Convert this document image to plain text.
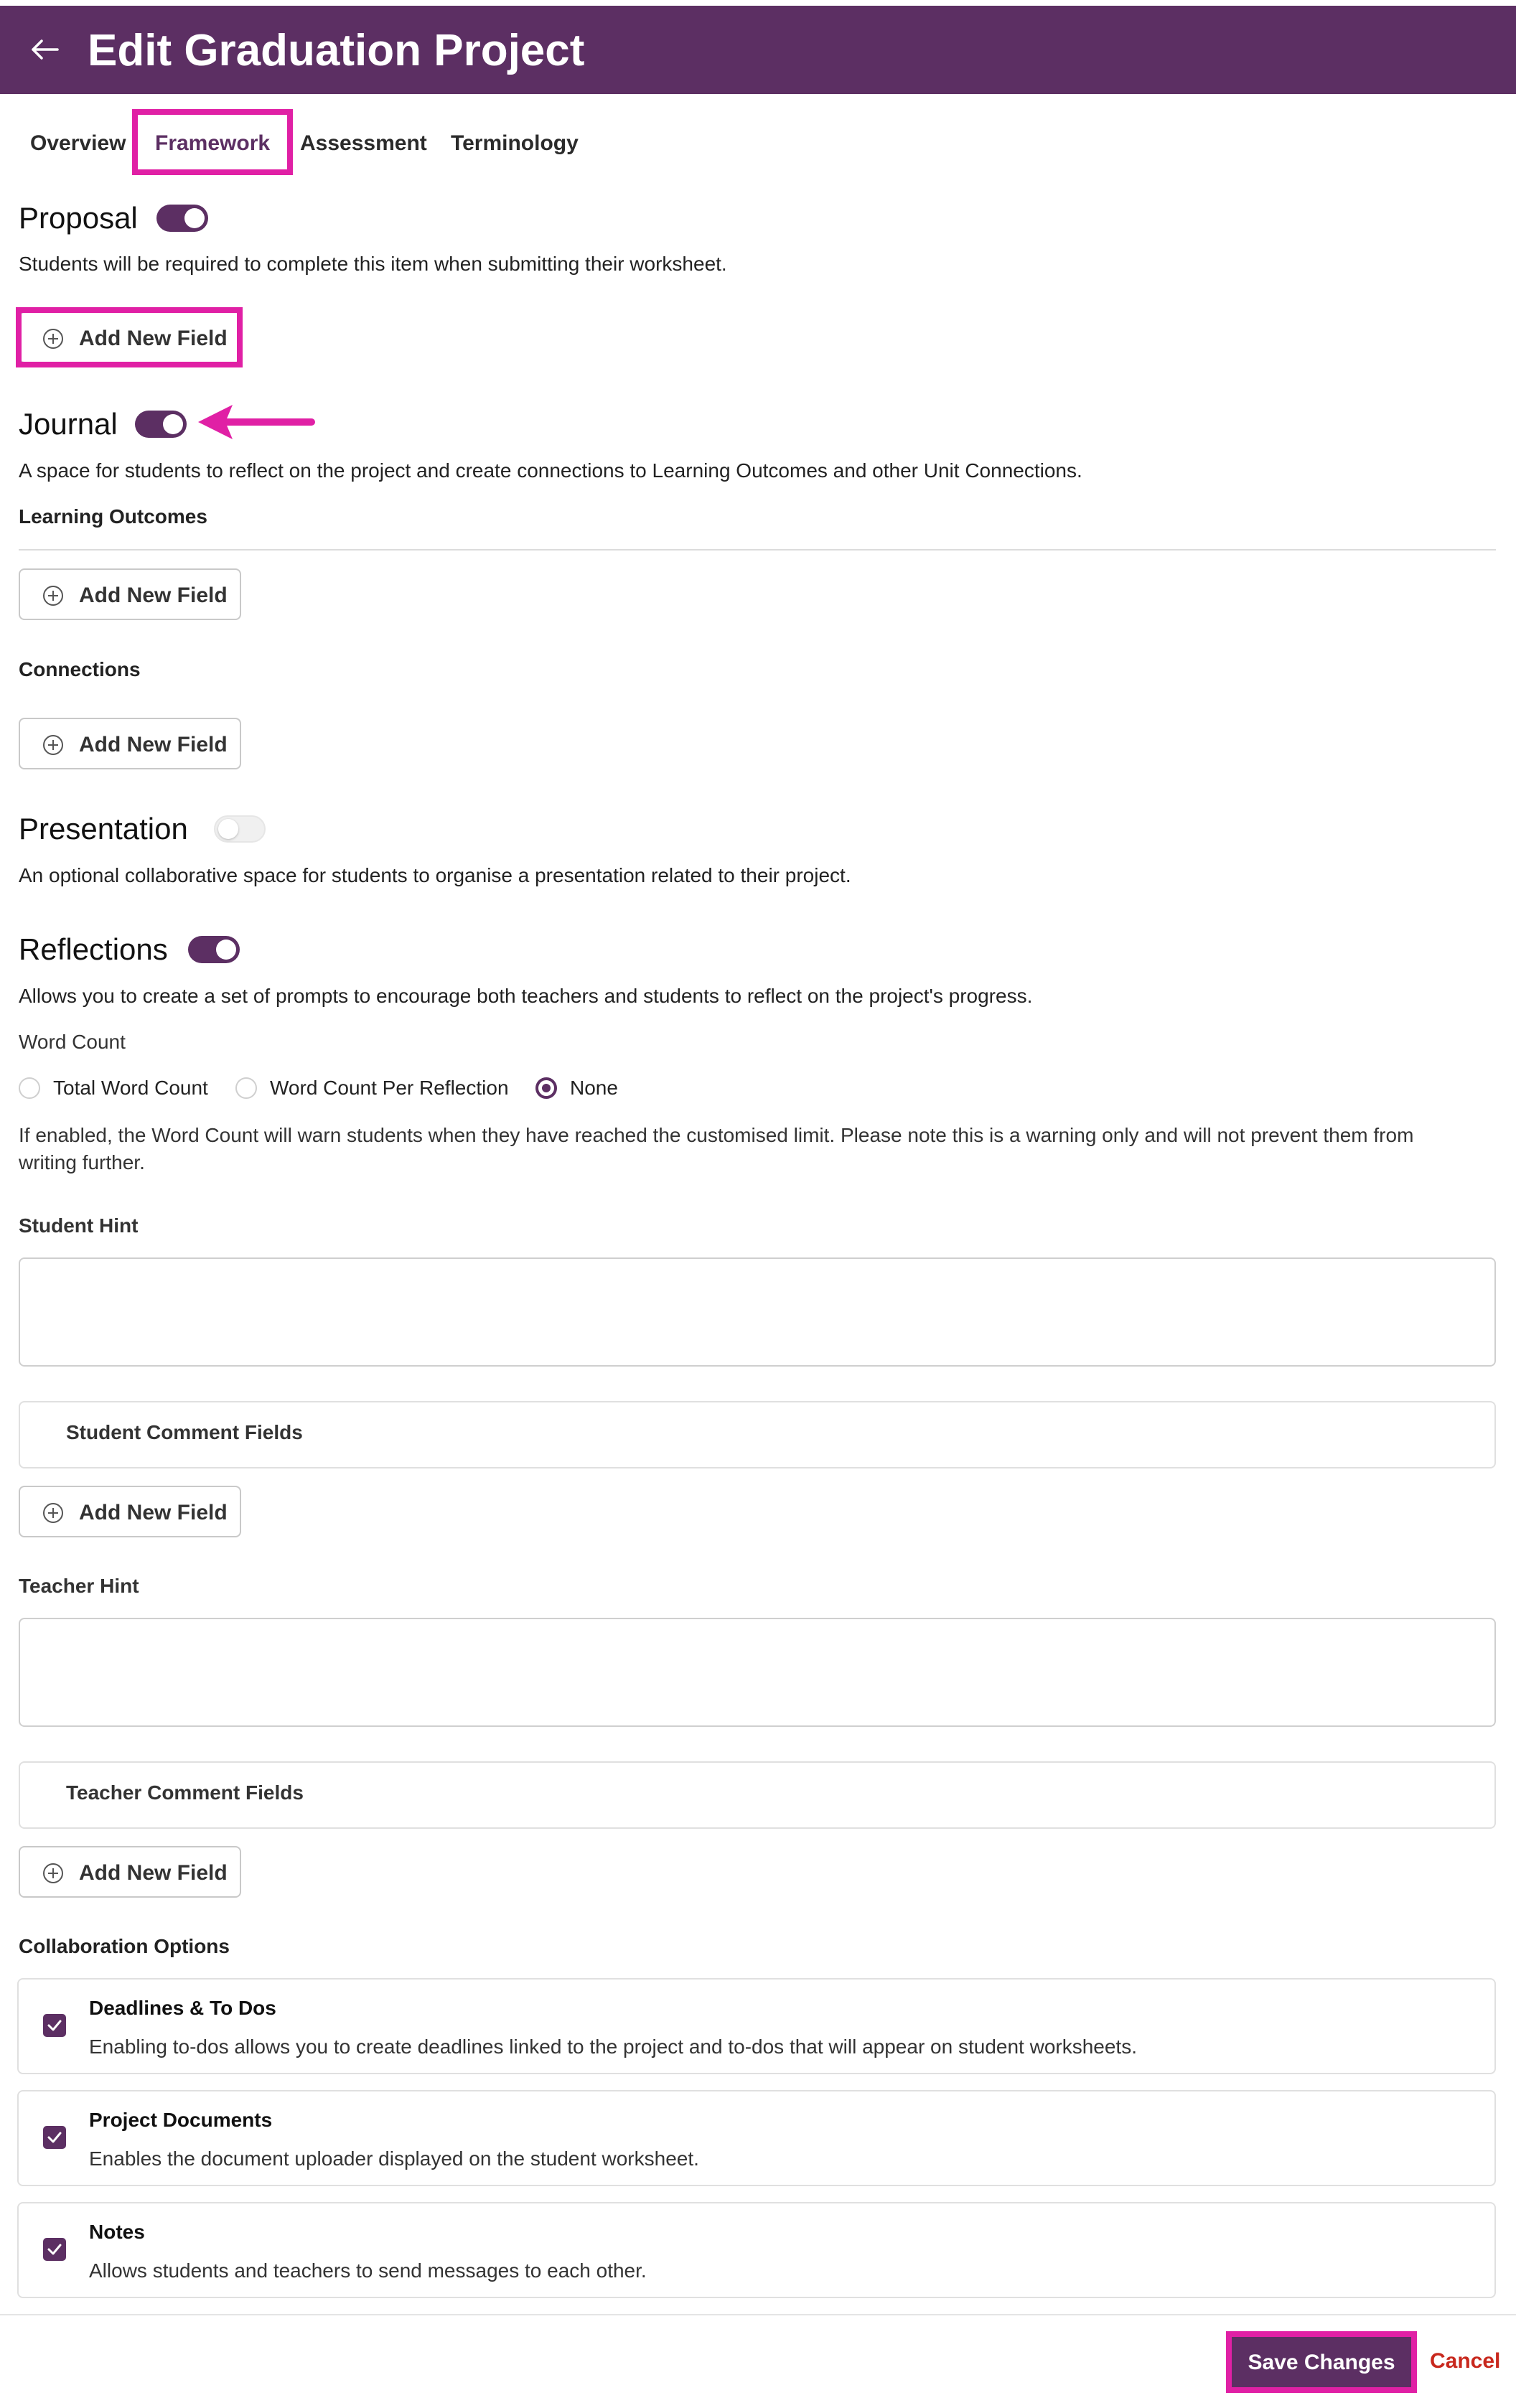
Edit Graduation Project
Overview Framework Assessment Terminology
Proposal
Students will be required to complete this item when submitting their worksheet.
Add New Field
Journal
A space for students to reflect on the project and create connections to Learning Outcomes and other Unit Connections.
Learning Outcomes
Add New Field
Connections
Add New Field
Presentation
An optional collaborative space for students to organise a presentation related to their project.
Reflections
Allows you to create a set of prompts to encourage both teachers and students to reflect on the project's progress.
Word Count
Total Word Count	Word Count Per Reflection	None
If enabled, the Word Count will warn students when they have reached the customised limit. Please note this is a warning only and will not prevent them from
writing further.
Student Hint
Student Comment Fields
Add New Field
Teacher Hint
Teacher Comment Fields
Add New Field
Collaboration Options
Deadlines & To Dos
Enabling to-dos allows you to create deadlines linked to the project and to-dos that will appear on student worksheets.
Project Documents
Enables the document uploader displayed on the student worksheet.
Notes
Allows students and teachers to send messages to each other.
Save Changes	Cancel
